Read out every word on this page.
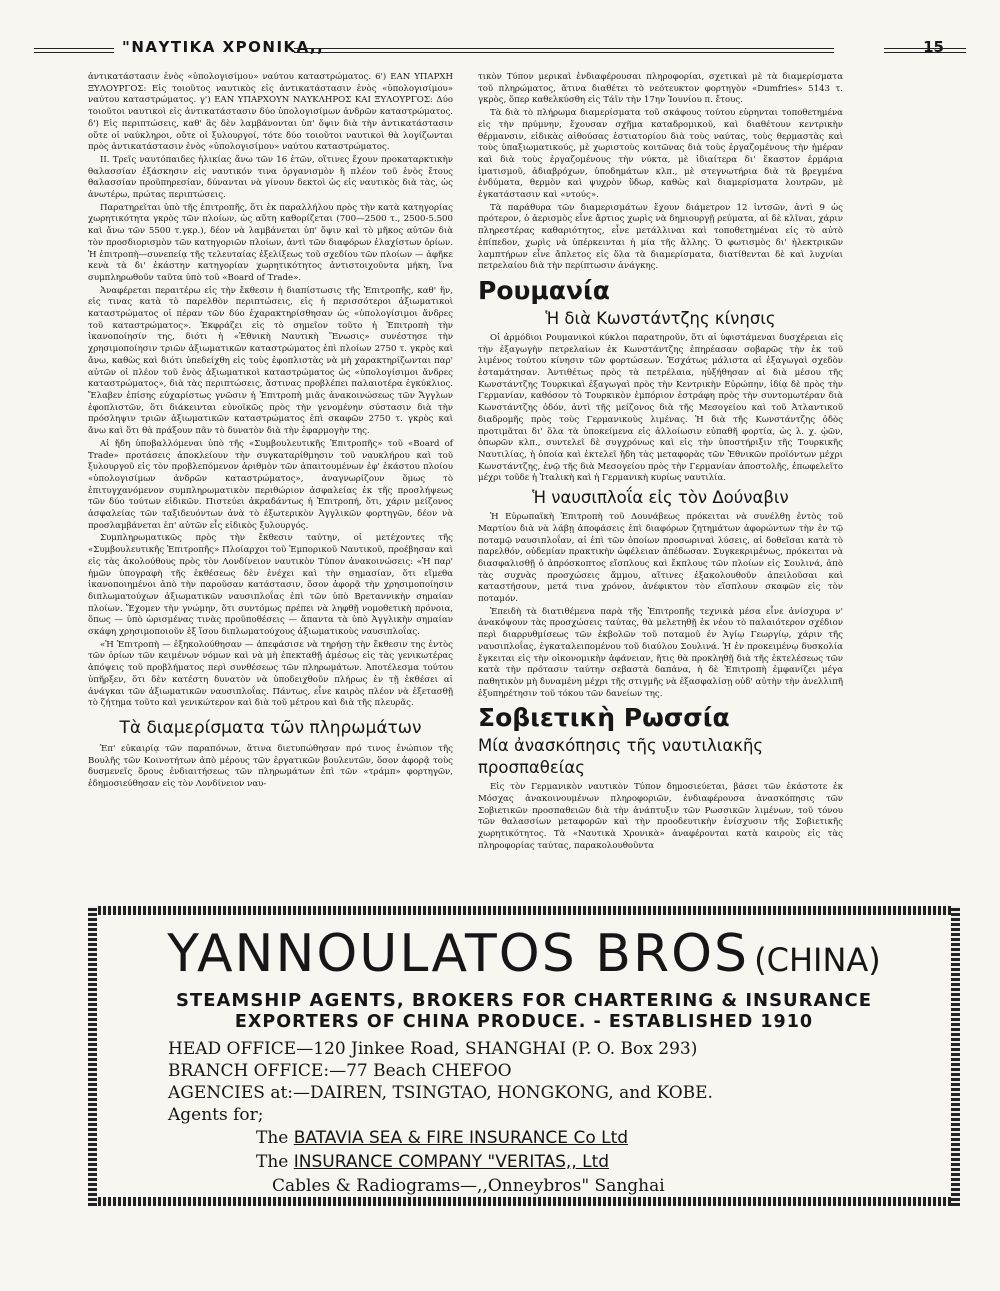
"ΝΑΥΤΙΚΑ ΧΡΟΝΙΚΑ,,	15

ἀντικατάστασιν ἑνὸς «ὑπολογισίμου» ναύτου καταστρώματος. 6') ΕΑΝ ΥΠΑΡΧΗ ΞΥΛΟΥΡΓΟΣ: Εἰς τοιοῦτος ναυτικὸς εἰς ἀντικατάστασιν ἑνὸς «ὑπολογισίμου» ναύτου καταστρώματος. γ') ΕΑΝ ΥΠΑΡΧΟΥΝ ΝΑΥΚΛΗΡΟΣ ΚΑΙ ΞΥΛΟΥΡΓΟΣ: Δύο τοιοῦτοι ναυτικοὶ εἰς ἀντικατάστασιν δύο ὑπολογισίμων ἀνδρῶν καταστρώματος. δ') Εἰς περιπτώσεις, καθ' ἃς δὲν λαμβάνονται ὑπ' ὄψιν διὰ τὴν ἀντικατάστασιν οὔτε οἱ ναύκληροι, οὔτε οἱ ξυλουργοί, τότε δύο τοιοῦτοι ναυτικοὶ θὰ λογίζωνται πρὸς ἀντικατάστασιν ἑνὸς «ὑπολογισίμου» ναύτου καταστρώματος.

ΙΙ. Τρεῖς ναυτόπαιδες ἡλικίας ἄνω τῶν 16 ἐτῶν, οἵτινες ἔχουν προκαταρκτικὴν θαλασσίαν ἐξάσκησιν εἰς ναυτικόν τινα ὀργανισμὸν ἢ πλέον τοῦ ἑνὸς ἔτους θαλασσίαν προϋπηρεσίαν, δύνανται νὰ γίνουν δεκτοὶ ὡς εἰς ναυτικὸς διὰ τὰς, ὡς ἀνωτέρω, πρώτας περιπτώσεις.

Παρατηρεῖται ὑπὸ τῆς ἐπιτροπῆς, ὅτι ἐκ παραλλήλου πρὸς τὴν κατὰ κατηγορίας χωρητικότητα γκρὸς τῶν πλοίων, ὡς αὕτη καθορίζεται (700—2500 τ., 2500-5.500 καὶ ἄνω τῶν 5500 τ.γκρ.), δέον νὰ λαμβάνεται ὑπ' ὄψιν καὶ τὸ μῆκος αὐτῶν διὰ τὸν προσδιορισμὸν τῶν κατηγοριῶν πλοίων, ἀντὶ τῶν διαφόρων ἐλαχίστων ὁρίων. Ἡ ἐπιτροπὴ—συνεπείᾳ τῆς τελευταίας ἐξελίξεως τοῦ σχεδίου τῶν πλοίων — ἀφῆκε κενὰ τὰ δι' ἑκάστην κατηγορίαν χωρητικότητος ἀντιστοιχοῦντα μήκη, ἵνα συμπληρωθοῦν ταῦτα ὑπὸ τοῦ «Board of Trade».

Ἀναφέρεται περαιτέρω εἰς τὴν ἔκθεσιν ἡ διαπίστωσις τῆς Ἐπιτροπῆς, καθ' ἥν, εἰς τινας κατὰ τὸ παρελθὸν περιπτώσεις, εἰς ἡ περισσότεροι ἀξιωματικοὶ καταστρώματος οἱ πέραν τῶν δύο ἐχαρακτηρίσθησαν ὡς «ὑπολογίσιμοι ἄνδρες τοῦ καταστρώματος». Ἐκφράζει εἰς τὸ σημεῖον τοῦτο ἡ Ἐπιτροπὴ τὴν ἱκανοποίησίν της, διότι ἡ «Ἐθνικὴ Ναυτικὴ Ἕνωσις» συνέστησε τὴν χρησιμοποίησιν τριῶν ἀξιωματικῶν καταστρώματος ἐπὶ πλοίων 2750 τ. γκρὸς καὶ ἄνω, καθὼς καὶ διότι ὑπεδείχθη εἰς τοὺς ἐφοπλιστὰς νὰ μὴ χαρακτηρίζωνται παρ' αὐτῶν οἱ πλέον τοῦ ἑνὸς ἀξιωματικοὶ καταστρώματος ὡς «ὑπολογίσιμοι ἄνδρες καταστρώματος», διὰ τὰς περιπτώσεις, ἅστινας προβλέπει παλαιοτέρα ἐγκύκλιος. Ἔλαβεν ἐπίσης εὐχαρίστως γνῶσιν ἡ Ἐπιτροπὴ μιᾶς ἀνακοινώσεως τῶν Ἄγγλων ἐφοπλιστῶν, ὅτι διάκεινται εὐνοϊκῶς πρὸς τὴν γενομένην σύστασιν διὰ τὴν πρόσληψιν τριῶν ἀξιωματικῶν καταστρώματος ἐπὶ σκαφῶν 2750 τ. γκρὸς καὶ ἄνω καὶ ὅτι θὰ πράξουν πᾶν τὸ δυνατὸν διὰ τὴν ἐφαρμογὴν της.

Αἱ ἤδη ὑποβαλλόμεναι ὑπὸ τῆς «Συμβουλευτικῆς Ἐπιτροπῆς» τοῦ «Board of Trade» προτάσεις ἀποκλείουν τὴν συγκαταρίθμησιν τοῦ ναυκλήρου καὶ τοῦ ξυλουργοῦ εἰς τὸν προβλεπόμενον ἀριθμὸν τῶν ἀπαιτουμένων ἐφ' ἑκάστου πλοίου «ὑπολογισίμων ἀνδρῶν καταστρώματος», ἀναγνωρίζουν ὅμως τὸ ἐπιτυγχανόμενον συμπληρωματικὸν περιθώριον ἀσφαλείας ἐκ τῆς προσλήψεως τῶν δύο τούτων εἰδικῶν. Πιστεύει ἀκραδάντως ἡ Ἐπιτροπή, ὅτι, χάριν μείζονος ἀσφαλείας τῶν ταξιδευόντων ἀνὰ τὸ ἐξωτερικὸν Ἀγγλικῶν φορτηγῶν, δέον νὰ προσλαμβάνεται ἐπ' αὐτῶν εἷς εἰδικὸς ξυλουργός.

Συμπληρωματικῶς πρὸς τὴν ἔκθεσιν ταύτην, οἱ μετέχοντες τῆς «Συμβουλευτικῆς Ἐπιτροπῆς» Πλοίαρχοι τοῦ Ἐμπορικοῦ Ναυτικοῦ, προέβησαν καὶ εἰς τὰς ἀκολούθους πρὸς τὸν Λονδίνειον ναυτικὸν Τύπον ἀνακοινώσεις: «Ἡ παρ' ἡμῶν ὑπογραφὴ τῆς ἐκθέσεως δὲν ἐνέχει καὶ τὴν σημασίαν, ὅτι εἴμεθα ἱκανοποιημένοι ἀπὸ τὴν παροῦσαν κατάστασιν, ὅσον ἀφορᾷ τὴν χρησιμοποίησιν διπλωματούχων ἀξιωματικῶν ναυσιπλοΐας ἐπὶ τῶν ὑπὸ Βρεταννικὴν σημαίαν πλοίων. Ἔχομεν τὴν γνώμην, ὅτι συντόμως πρέπει νὰ ληφθῇ νομοθετικὴ πρόνοια, ὅπως — ὑπὸ ὡρισμένας τινὰς προϋποθέσεις — ἅπαντα τὰ ὑπὸ Ἀγγλικὴν σημαίαν σκάφη χρησιμοποιοῦν ἐξ ἴσου διπλωματούχους ἀξιωματικοὺς ναυσιπλοΐας.

«Ἡ Ἐπιτροπὴ — ἐξηκολούθησαν — ἀπεφάσισε νὰ τηρήσῃ τὴν ἔκθεσιν της ἐντὸς τῶν ὁρίων τῶν κειμένων νόμων καὶ νὰ μὴ ἐπεκταθῇ ἀμέσως εἰς τὰς γενικωτέρας ἀπόψεις τοῦ προβλήματος περὶ συνθέσεως τῶν πληρωμάτων. Ἀποτέλεσμα τούτου ὑπῆρξεν, ὅτι δὲν κατέστη δυνατὸν νὰ ὑποδειχθοῦν πλήρως ἐν τῇ ἐκθέσει αἱ ἀνάγκαι τῶν ἀξιωματικῶν ναυσιπλοΐας. Πάντως, εἶνε καιρὸς πλέον νὰ ἐξετασθῇ τὸ ζήτημα τοῦτο καὶ γενικώτερον καὶ διὰ τοῦ μέτρου καὶ διὰ τῆς πλευρᾶς.

Τὰ διαμερίσματα τῶν πληρωμάτων

Ἐπ' εὐκαιρίᾳ τῶν παραπόνων, ἅτινα διετυπώθησαν πρό τινος ἐνώπιον τῆς Βουλῆς τῶν Κοινοτήτων ἀπὸ μέρους τῶν ἐργατικῶν βουλευτῶν, ὅσον ἀφορᾷ τοὺς δυσμενεῖς ὅρους ἐνδιαιτήσεως τῶν πληρωμάτων ἐπὶ τῶν «τράμπ» φορτηγῶν, ἐδημοσιεύθησαν εἰς τὸν Λονδίνειον ναυ-

τικὸν Τύπον μερικαὶ ἐνδιαφέρουσαι πληροφορίαι, σχετικαὶ μὲ τὰ διαμερίσματα τοῦ πληρώματος, ἅτινα διαθέτει τὸ νεότευκτον φορτηγὸν «Dumfries» 5143 τ. γκρὸς, ὅπερ καθελκύσθη εἰς Τάϊν τὴν 17ην Ἰουνίου π. ἔτους.

Τὰ διὰ τὸ πλήρωμα διαμερίσματα τοῦ σκάφους τούτου εὑρηνται τοποθετημένα εἰς τὴν πρύμνην, ἔχουσαν σχῆμα καταδρομικοῦ, καὶ διαθέτουν κεντρικὴν θέρμανσιν, εἰδικὰς αἰθούσας ἑστιατορίου διὰ τοὺς ναύτας, τοὺς θερμαστὰς καὶ τοὺς ὑπαξιωματικούς, μὲ χωριστοὺς κοιτῶνας διὰ τοὺς ἐργαζομένους τὴν ἡμέραν καὶ διὰ τοὺς ἐργαζομένους τὴν νύκτα, μὲ ἰδιαίτερα δι' ἕκαστον ἑρμάρια ἱματισμοῦ, ἀδιαβρόχων, ὑποδημάτων κλπ., μὲ στεγνωτήρια διὰ τὰ βρεγμένα ἐνδύματα, θερμὸν καὶ ψυχρὸν ὕδωρ, καθὼς καὶ διαμερίσματα λουτρῶν, μὲ ἐγκατάστασιν καὶ «ντούς».

Τὰ παράθυρα τῶν διαμερισμάτων ἔχουν διάμετρον 12 ἰντσῶν, ἀντὶ 9 ὡς πρότερον, ὁ ἀερισμὸς εἶνε ἄρτιος χωρὶς νὰ δημιουργῇ ρεύματα, αἱ δὲ κλῖναι, χάριν πληρεστέρας καθαριότητος, εἶνε μετάλλιναι καὶ τοποθετημέναι εἰς τὸ αὐτὸ ἐπίπεδον, χωρὶς νὰ ὑπέρκεινται ἡ μία τῆς ἄλλης. Ὁ φωτισμὸς δι' ἠλεκτρικῶν λαμπτήρων εἶνε ἄπλετος εἰς ὅλα τὰ διαμερίσματα, διατίθενται δὲ καὶ λυχνίαι πετρελαίου διὰ τὴν περίπτωσιν ἀνάγκης.

Ρουμανία
Ἡ διὰ Κωνστάντζης κίνησις

Οἱ ἁρμόδιοι Ρουμανικοὶ κύκλοι παρατηροῦν, ὅτι αἱ ὑφιστάμεναι δυσχέρειαι εἰς τὴν ἐξαγωγὴν πετρελαίων ἐκ Κωνστάντζης ἐπηρέασαν σοβαρῶς τὴν ἐκ τοῦ λιμένος τούτου κίνησιν τῶν φορτώσεων. Ἐσχάτως μάλιστα αἱ ἐξαγωγαὶ σχεδὸν ἐσταμάτησαν. Ἀντιθέτως πρὸς τὰ πετρέλαια, ηὐξήθησαν αἱ διὰ μέσου τῆς Κωνστάντζης Τουρκικαὶ ἐξαγωγαὶ πρὸς τὴν Κεντρικὴν Εὐρώπην, ἰδίᾳ δὲ πρὸς τὴν Γερμανίαν, καθόσον τὸ Τουρκικὸν ἐμπόριον ἐστράφη πρὸς τὴν συντομωτέραν διὰ Κωνστάντζης ὁδόν, ἀντὶ τῆς μείζονος διὰ τῆς Μεσογείου καὶ τοῦ Ἀτλαντικοῦ διαδρομῆς πρὸς τοὺς Γερμανικοὺς λιμένας. Ἡ διὰ τῆς Κωνστάντζης ὁδὸς προτιμᾶται δι' ὅλα τὰ ὑποκείμενα εἰς ἀλλοίωσιν εὐπαθῆ φορτία, ὡς λ. χ. ᾠῶν, ὀπωρῶν κλπ., συντελεῖ δὲ συγχρόνως καὶ εἰς τὴν ὑποστήριξιν τῆς Τουρκικῆς Ναυτιλίας, ἡ ὁποία καὶ ἐκτελεῖ ἤδη τὰς μεταφορὰς τῶν Ἐθνικῶν προϊόντων μέχρι Κωνστάντζης, ἐνῷ τῆς διὰ Μεσογείου πρὸς τὴν Γερμανίαν ἀποστολῆς, ἐπωφελεῖτο μέχρι τοῦδε ἡ Ἰταλικὴ καὶ ἡ Γερμανικὴ κυρίως ναυτιλία.

Ἡ ναυσιπλοΐα εἰς τὸν Δούναβιν

Ἡ Εὐρωπαϊκὴ Ἐπιτροπὴ τοῦ Δουνάβεως πρόκειται νὰ συνέλθῃ ἐντὸς τοῦ Μαρτίου διὰ νὰ λάβῃ ἀποφάσεις ἐπὶ διαφόρων ζητημάτων ἀφορώντων τὴν ἐν τῷ ποταμῷ ναυσιπλοΐαν, αἱ ἐπὶ τῶν ὁποίων προσωριναὶ λύσεις, αἱ δοθεῖσαι κατὰ τὸ παρελθόν, οὐδεμίαν πρακτικὴν ὠφέλειαν ἀπέδωσαν. Συγκεκριμένως, πρόκειται νὰ διασφαλισθῇ ὁ ἀπρόσκοπτος εἴσπλους καὶ ἔκπλους τῶν πλοίων εἰς Σουλινά, ἀπὸ τὰς συχνὰς προσχώσεις ἄμμου, αἵτινες ἐξακολουθοῦν ἀπειλοῦσαι καὶ καταστήσουν, μετά τινα χρόνον, ἀνέφικτον τὸν εἴσπλουν σκαφῶν εἰς τὸν ποταμόν.

Ἐπειδὴ τὰ διατιθέμενα παρὰ τῆς Ἐπιτροπῆς τεχνικὰ μέσα εἶνε ἀνίσχυρα ν' ἀνακόψουν τὰς προσχώσεις ταύτας, θὰ μελετηθῇ ἐκ νέου τὸ παλαιότερον σχέδιον περὶ διαρρυθμίσεως τῶν ἐκβολῶν τοῦ ποταμοῦ ἐν Ἁγίῳ Γεωργίῳ, χάριν τῆς ναυσιπλοΐας, ἐγκαταλειπομένου τοῦ διαύλου Σουλινά. Ἡ ἐν προκειμένῳ δυσκολία ἔγκειται εἰς τὴν οἰκονομικὴν ἀφάνειαν, ἥτις θὰ προκληθῇ διὰ τῆς ἐκτελέσεως τῶν κατὰ τὴν πρότασιν ταύτην σεβαστὰ δαπάνα, ἡ δὲ Ἐπιτροπὴ ἐμφανίζει μέγα παθητικὸν μὴ δυναμένη μέχρι τῆς στιγμῆς νὰ ἐξασφαλίσῃ οὐδ' αὐτὴν τὴν ἀνελλιπῆ ἐξυπηρέτησιν τοῦ τόκου τῶν δανείων της.

Σοβιετικὴ Ρωσσία
Μία ἀνασκόπησις τῆς ναυτιλιακῆς προσπαθείας

Εἰς τὸν Γερμανικὸν ναυτικὸν Τύπον δημοσιεύεται, βάσει τῶν ἐκάστοτε ἐκ Μόσχας ἀνακοινουμένων πληροφοριῶν, ἐνδιαφέρουσα ἀνασκόπησις τῶν Σοβιετικῶν προσπαθειῶν διὰ τὴν ἀνάπτυξιν τῶν Ρωσσικῶν λιμένων, τοῦ τόνου τῶν θαλασσίων μεταφορῶν καὶ τὴν προοδευτικὴν ἐνίσχυσιν τῆς Σοβιετικῆς χωρητικότητος. Τὰ «Ναυτικὰ Χρονικὰ» ἀναφέρονται κατὰ καιροὺς εἰς τὰς πληροφορίας ταύτας, παρακολουθοῦντα

YANNOULATOS BROS (CHINA)
STEAMSHIP AGENTS, BROKERS FOR CHARTERING & INSURANCE
EXPORTERS OF CHINA PRODUCE. - ESTABLISHED 1910
HEAD OFFICE—120 Jinkee Road, SHANGHAI (P. O. Box 293)
BRANCH OFFICE:—77 Beach CHEFOO
AGENCIES at:—DAIREN, TSINGTAO, HONGKONG, and KOBE.
Agents for;
The BATAVIA SEA & FIRE INSURANCE Co Ltd
The INSURANCE COMPANY "VERITAS,, Ltd
Cables & Radiograms—,,Onneybros" Sanghai
